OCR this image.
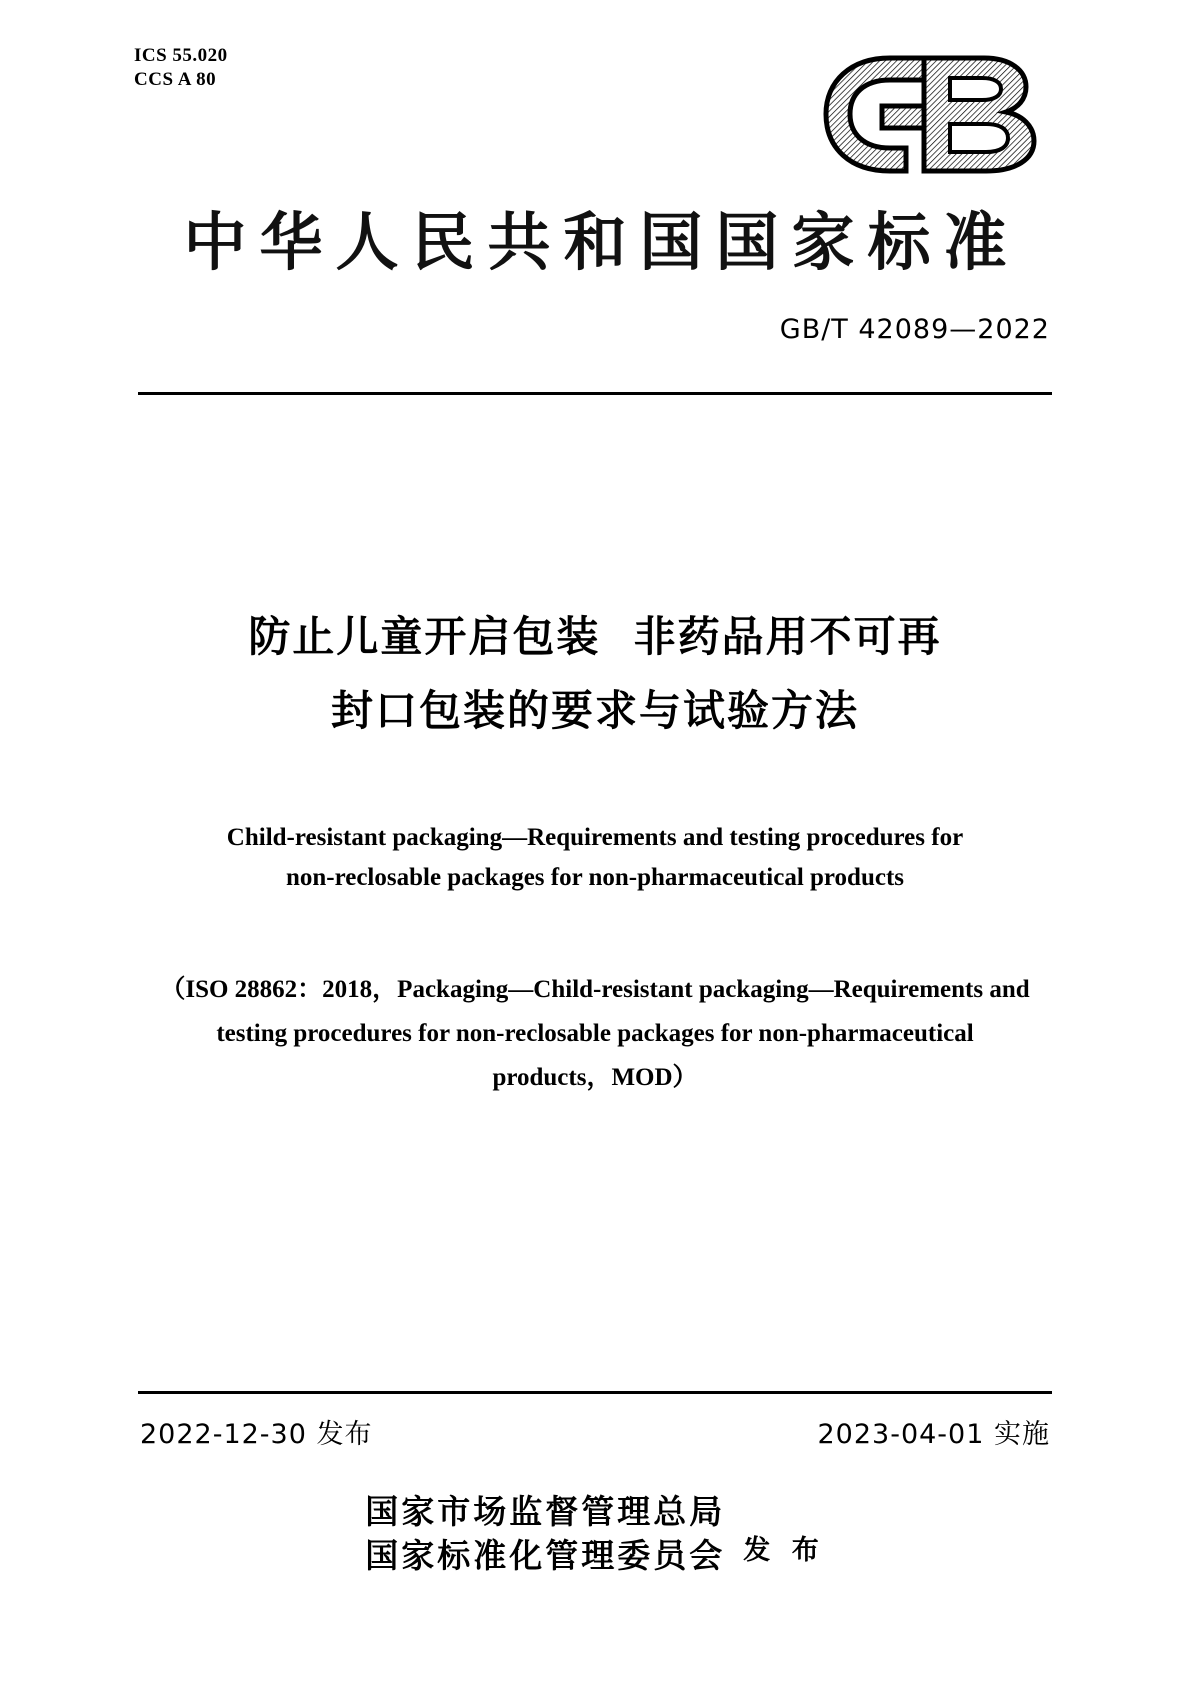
ICS 55.020
CCS A 80
中华人民共和国国家标准
GB/T 42089—2022
防止儿童开启包装  非药品用不可再
封口包装的要求与试验方法
Child-resistant packaging—Requirements and testing procedures for
non-reclosable packages for non-pharmaceutical products
（ISO 28862：2018，Packaging—Child-resistant packaging—Requirements and
testing procedures for non-reclosable packages for non-pharmaceutical
products，MOD）
2022-12-30 发布	2023-04-01 实施
国家市场监督管理总局
国家标准化管理委员会 发 布
